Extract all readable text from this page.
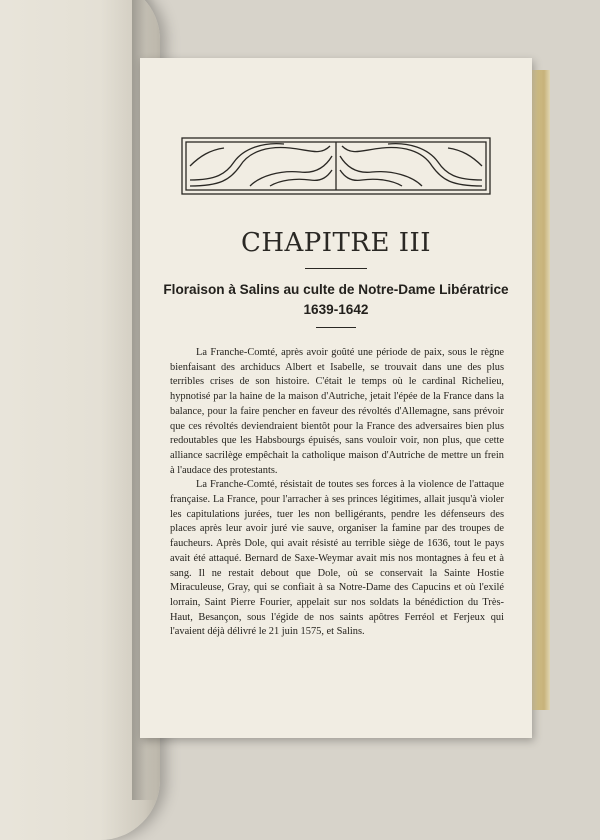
CHAPITRE III
Floraison à Salins au culte de Notre-Dame Libératrice
1639-1642

La Franche-Comté, après avoir goûté une période de paix, sous le règne bienfaisant des archiducs Albert et Isabelle, se trouvait dans une des plus terribles crises de son histoire. C'était le temps où le cardinal Richelieu, hypnotisé par la haine de la maison d'Autriche, jetait l'épée de la France dans la balance, pour la faire pencher en faveur des révoltés d'Allemagne, sans prévoir que ces révoltés deviendraient bientôt pour la France des adversaires bien plus redoutables que les Habsbourgs épuisés, sans vouloir voir, non plus, que cette alliance sacrilège empêchait la catholique maison d'Autriche de mettre un frein à l'audace des protestants.

La Franche-Comté, résistait de toutes ses forces à la violence de l'attaque française. La France, pour l'arracher à ses princes légitimes, allait jusqu'à violer les capitulations jurées, tuer les non belligérants, pendre les défenseurs des places après leur avoir juré vie sauve, organiser la famine par des troupes de faucheurs. Après Dole, qui avait résisté au terrible siège de 1636, tout le pays avait été attaqué. Bernard de Saxe-Weymar avait mis nos montagnes à feu et à sang. Il ne restait debout que Dole, où se conservait la Sainte Hostie Miraculeuse, Gray, qui se confiait à sa Notre-Dame des Capucins et où l'exilé lorrain, Saint Pierre Fourier, appelait sur nos soldats la bénédiction du Très-Haut, Besançon, sous l'égide de nos saints apôtres Ferréol et Ferjeux qui l'avaient déjà délivré le 21 juin 1575, et Salins.
